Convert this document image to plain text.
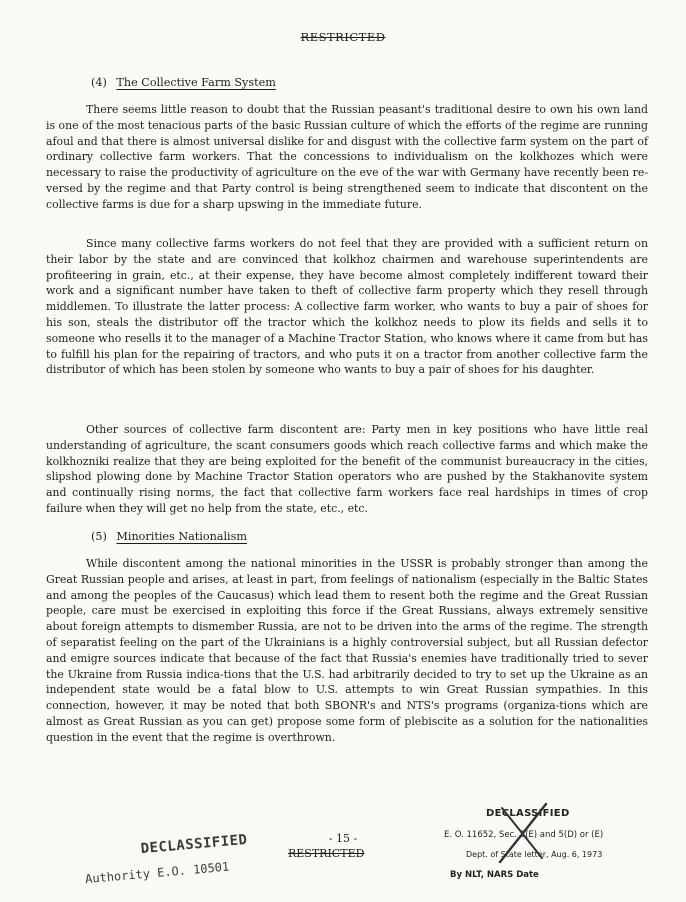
RESTRICTED
(4) The Collective Farm System

There seems little reason to doubt that the Russian peasant's traditional desire to own his own land is one of the most tenacious parts of the basic Russian culture of which the efforts of the regime are running afoul and that there is almost universal dislike for and disgust with the collective farm system on the part of ordinary collective farm workers. That the concessions to individualism on the kolkhozes which were necessary to raise the productivity of agriculture on the eve of the war with Germany have recently been re-versed by the regime and that Party control is being strengthened seem to indicate that discontent on the collective farms is due for a sharp upswing in the immediate future.

Since many collective farms workers do not feel that they are provided with a sufficient return on their labor by the state and are convinced that kolkhoz chairmen and warehouse superintendents are profiteering in grain, etc., at their expense, they have become almost completely indifferent toward their work and a significant number have taken to theft of collective farm property which they resell through middlemen. To illustrate the latter process: A collective farm worker, who wants to buy a pair of shoes for his son, steals the distributor off the tractor which the kolkhoz needs to plow its fields and sells it to someone who resells it to the manager of a Machine Tractor Station, who knows where it came from but has to fulfill his plan for the repairing of tractors, and who puts it on a tractor from another collective farm the distributor of which has been stolen by someone who wants to buy a pair of shoes for his daughter.

Other sources of collective farm discontent are: Party men in key positions who have little real understanding of agriculture, the scant consumers goods which reach collective farms and which make the kolkhozniki realize that they are being exploited for the benefit of the communist bureaucracy in the cities, slipshod plowing done by Machine Tractor Station operators who are pushed by the Stakhanovite system and continually rising norms, the fact that collective farm workers face real hardships in times of crop failure when they will get no help from the state, etc., etc.

(5) Minorities Nationalism

While discontent among the national minorities in the USSR is probably stronger than among the Great Russian people and arises, at least in part, from feelings of nationalism (especially in the Baltic States and among the peoples of the Caucasus) which lead them to resent both the regime and the Great Russian people, care must be exercised in exploiting this force if the Great Russians, always extremely sensitive about foreign attempts to dismember Russia, are not to be driven into the arms of the regime. The strength of separatist feeling on the part of the Ukrainians is a highly controversial subject, but all Russian defector and emigre sources indicate that because of the fact that Russia's enemies have traditionally tried to sever the Ukraine from Russia indica-tions that the U.S. had arbitrarily decided to try to set up the Ukraine as an independent state would be a fatal blow to U.S. attempts to win Great Russian sympathies. In this connection, however, it may be noted that both SBONR's and NTS's programs (organiza-tions which are almost as Great Russian as you can get) propose some form of plebiscite as a solution for the nationalities question in the event that the regime is overthrown.

- 15 -
DECLASSIFIED
Authority E.O. 10501
RESTRICTED
DECLASSIFIED
E. O. 11652, Sec. 3(E) and 5(D) or (E)
Dept. of State letter, Aug. 6, 1973
By NLT, NARS Date
